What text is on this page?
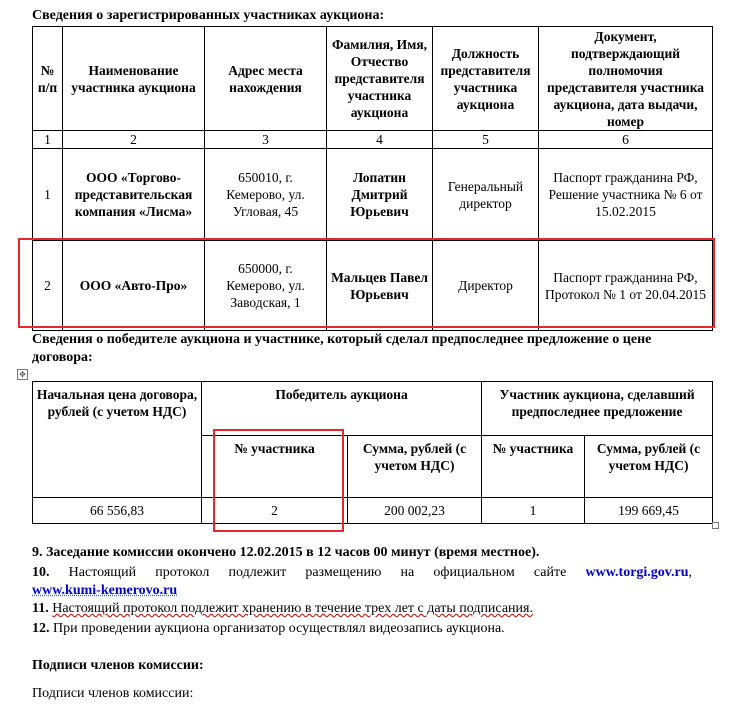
Сведения о зарегистрированных участниках аукциона:
№ п/п	Наименование участника аукциона	Адрес места нахождения	Фамилия, Имя, Отчество представителя участника аукциона	Должность представителя участника аукциона	Документ, подтверждающий полномочия представителя участника аукциона, дата выдачи, номер
1	2	3	4	5	6
1	ООО «Торгово-представительская компания «Лисма»	650010, г. Кемерово, ул. Угловая, 45	Лопатин Дмитрий Юрьевич	Генеральный директор	Паспорт гражданина РФ, Решение участника № 6 от 15.02.2015
2	ООО «Авто-Про»	650000, г. Кемерово, ул. Заводская, 1	Мальцев Павел Юрьевич	Директор	Паспорт гражданина РФ, Протокол № 1 от 20.04.2015
Сведения о победителе аукциона и участнике, который сделал предпоследнее предложение о цене договора:
✥
Начальная цена договора, рублей (с учетом НДС)	Победитель аукциона		Участник аукциона, сделавший предпоследнее предложение	
	№ участника	Сумма, рублей (с учетом НДС)	№ участника	Сумма, рублей (с учетом НДС)
66 556,83	2	200 002,23	1	199 669,45
9. Заседание комиссии окончено 12.02.2015 в 12 часов 00 минут (время местное).
10. Настоящий протокол подлежит размещению на официальном сайте www.torgi.gov.ru,
www.kumi-kemerovo.ru
11. Настоящий протокол подлежит хранению в течение трех лет с даты подписания.
12. При проведении аукциона организатор осуществлял видеозапись аукциона.
Подписи членов комиссии:
Подписи членов комиссии:
